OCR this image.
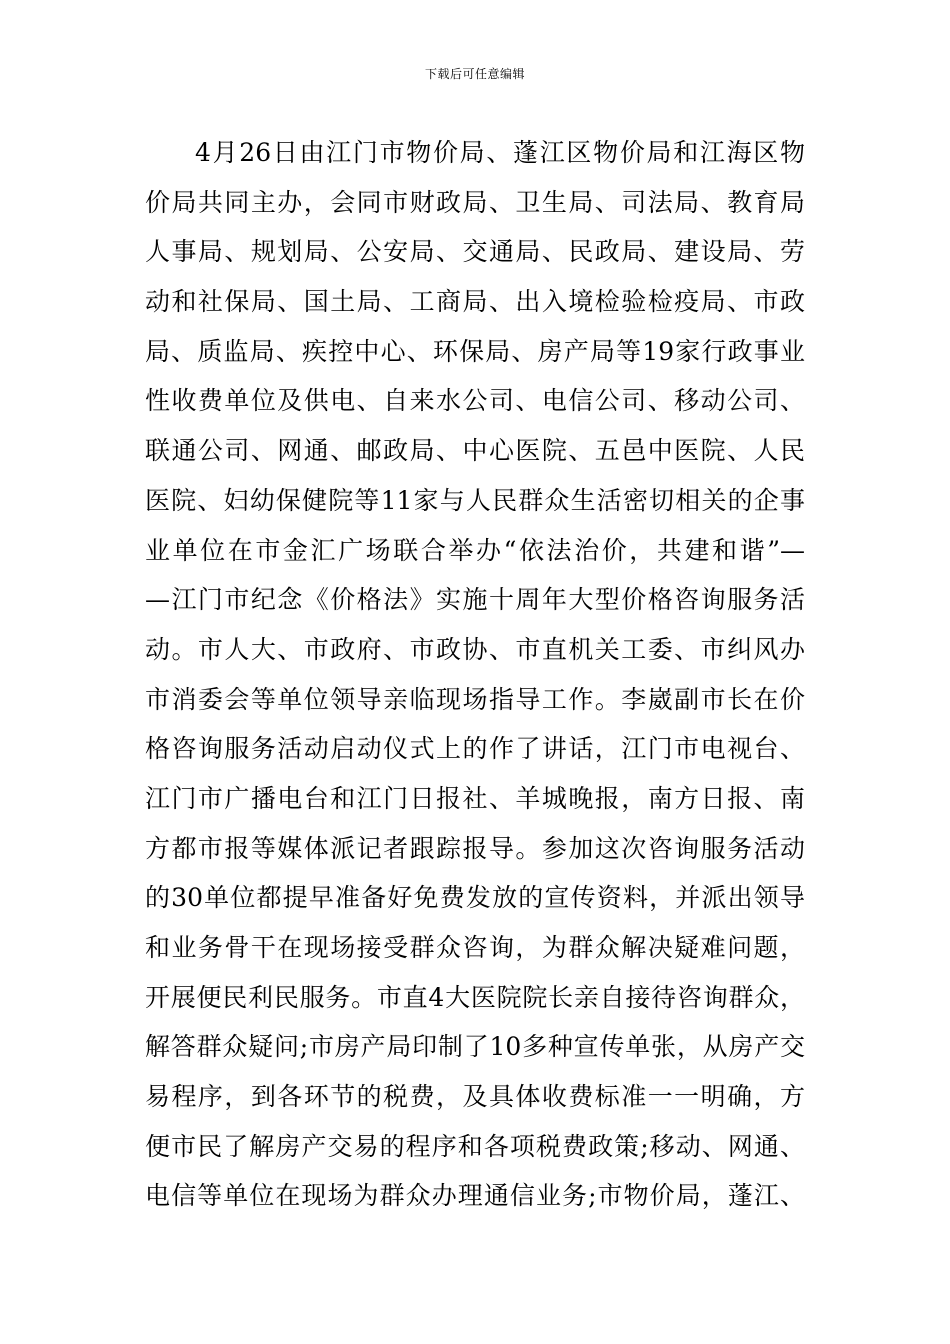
下载后可任意编辑
4月26日由江门市物价局、蓬江区物价局和江海区物
价局共同主办，会同市财政局、卫生局、司法局、教育局
人事局、规划局、公安局、交通局、民政局、建设局、劳
动和社保局、国土局、工商局、出入境检验检疫局、市政
局、质监局、疾控中心、环保局、房产局等19家行政事业
性收费单位及供电、自来水公司、电信公司、移动公司、
联通公司、网通、邮政局、中心医院、五邑中医院、人民
医院、妇幼保健院等11家与人民群众生活密切相关的企事
业单位在市金汇广场联合举办“依法治价，共建和谐”—
—江门市纪念《价格法》实施十周年大型价格咨询服务活
动。市人大、市政府、市政协、市直机关工委、市纠风办
市消委会等单位领导亲临现场指导工作。李崴副市长在价
格咨询服务活动启动仪式上的作了讲话，江门市电视台、
江门市广播电台和江门日报社、羊城晚报，南方日报、南
方都市报等媒体派记者跟踪报导。参加这次咨询服务活动
的30单位都提早准备好免费发放的宣传资料，并派出领导
和业务骨干在现场接受群众咨询，为群众解决疑难问题，
开展便民利民服务。市直4大医院院长亲自接待咨询群众，
解答群众疑问;市房产局印制了10多种宣传单张，从房产交
易程序，到各环节的税费，及具体收费标准一一明确，方
便市民了解房产交易的程序和各项税费政策;移动、网通、
电信等单位在现场为群众办理通信业务;市物价局，蓬江、
